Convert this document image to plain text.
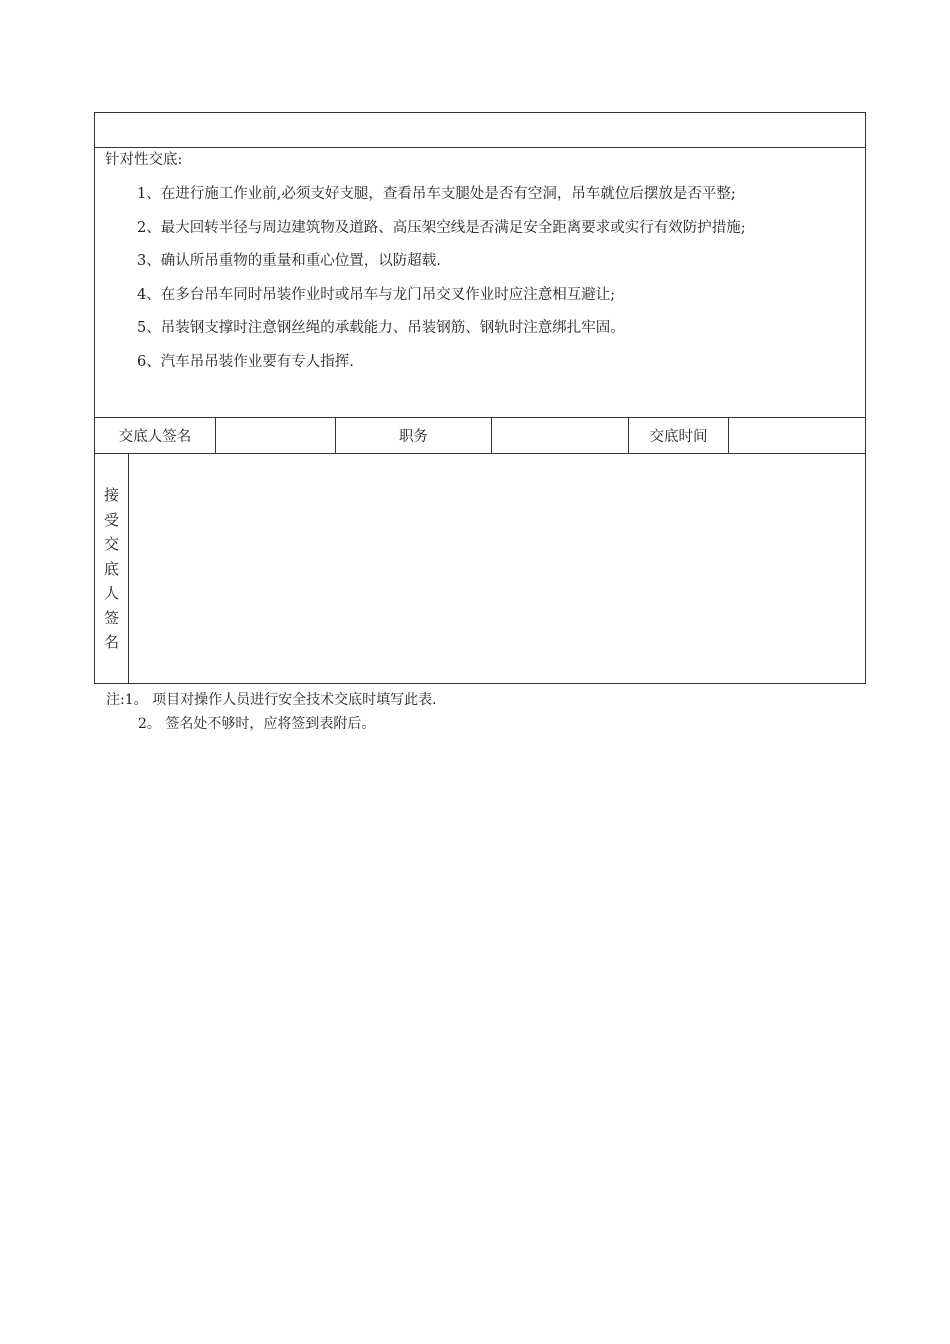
针对性交底:
1、在进行施工作业前,必须支好支腿，查看吊车支腿处是否有空洞，吊车就位后摆放是否平整;
2、最大回转半径与周边建筑物及道路、高压架空线是否满足安全距离要求或实行有效防护措施;
3、确认所吊重物的重量和重心位置，以防超载.
4、在多台吊车同时吊装作业时或吊车与龙门吊交叉作业时应注意相互避让;
5、吊装钢支撑时注意钢丝绳的承载能力、吊装钢筋、钢轨时注意绑扎牢固。
6、汽车吊吊装作业要有专人指挥.
交底人签名	职务	交底时间
接
受
交
底
人
签
名
注:1。 项目对操作人员进行安全技术交底时填写此表.
2。 签名处不够时，应将签到表附后。
